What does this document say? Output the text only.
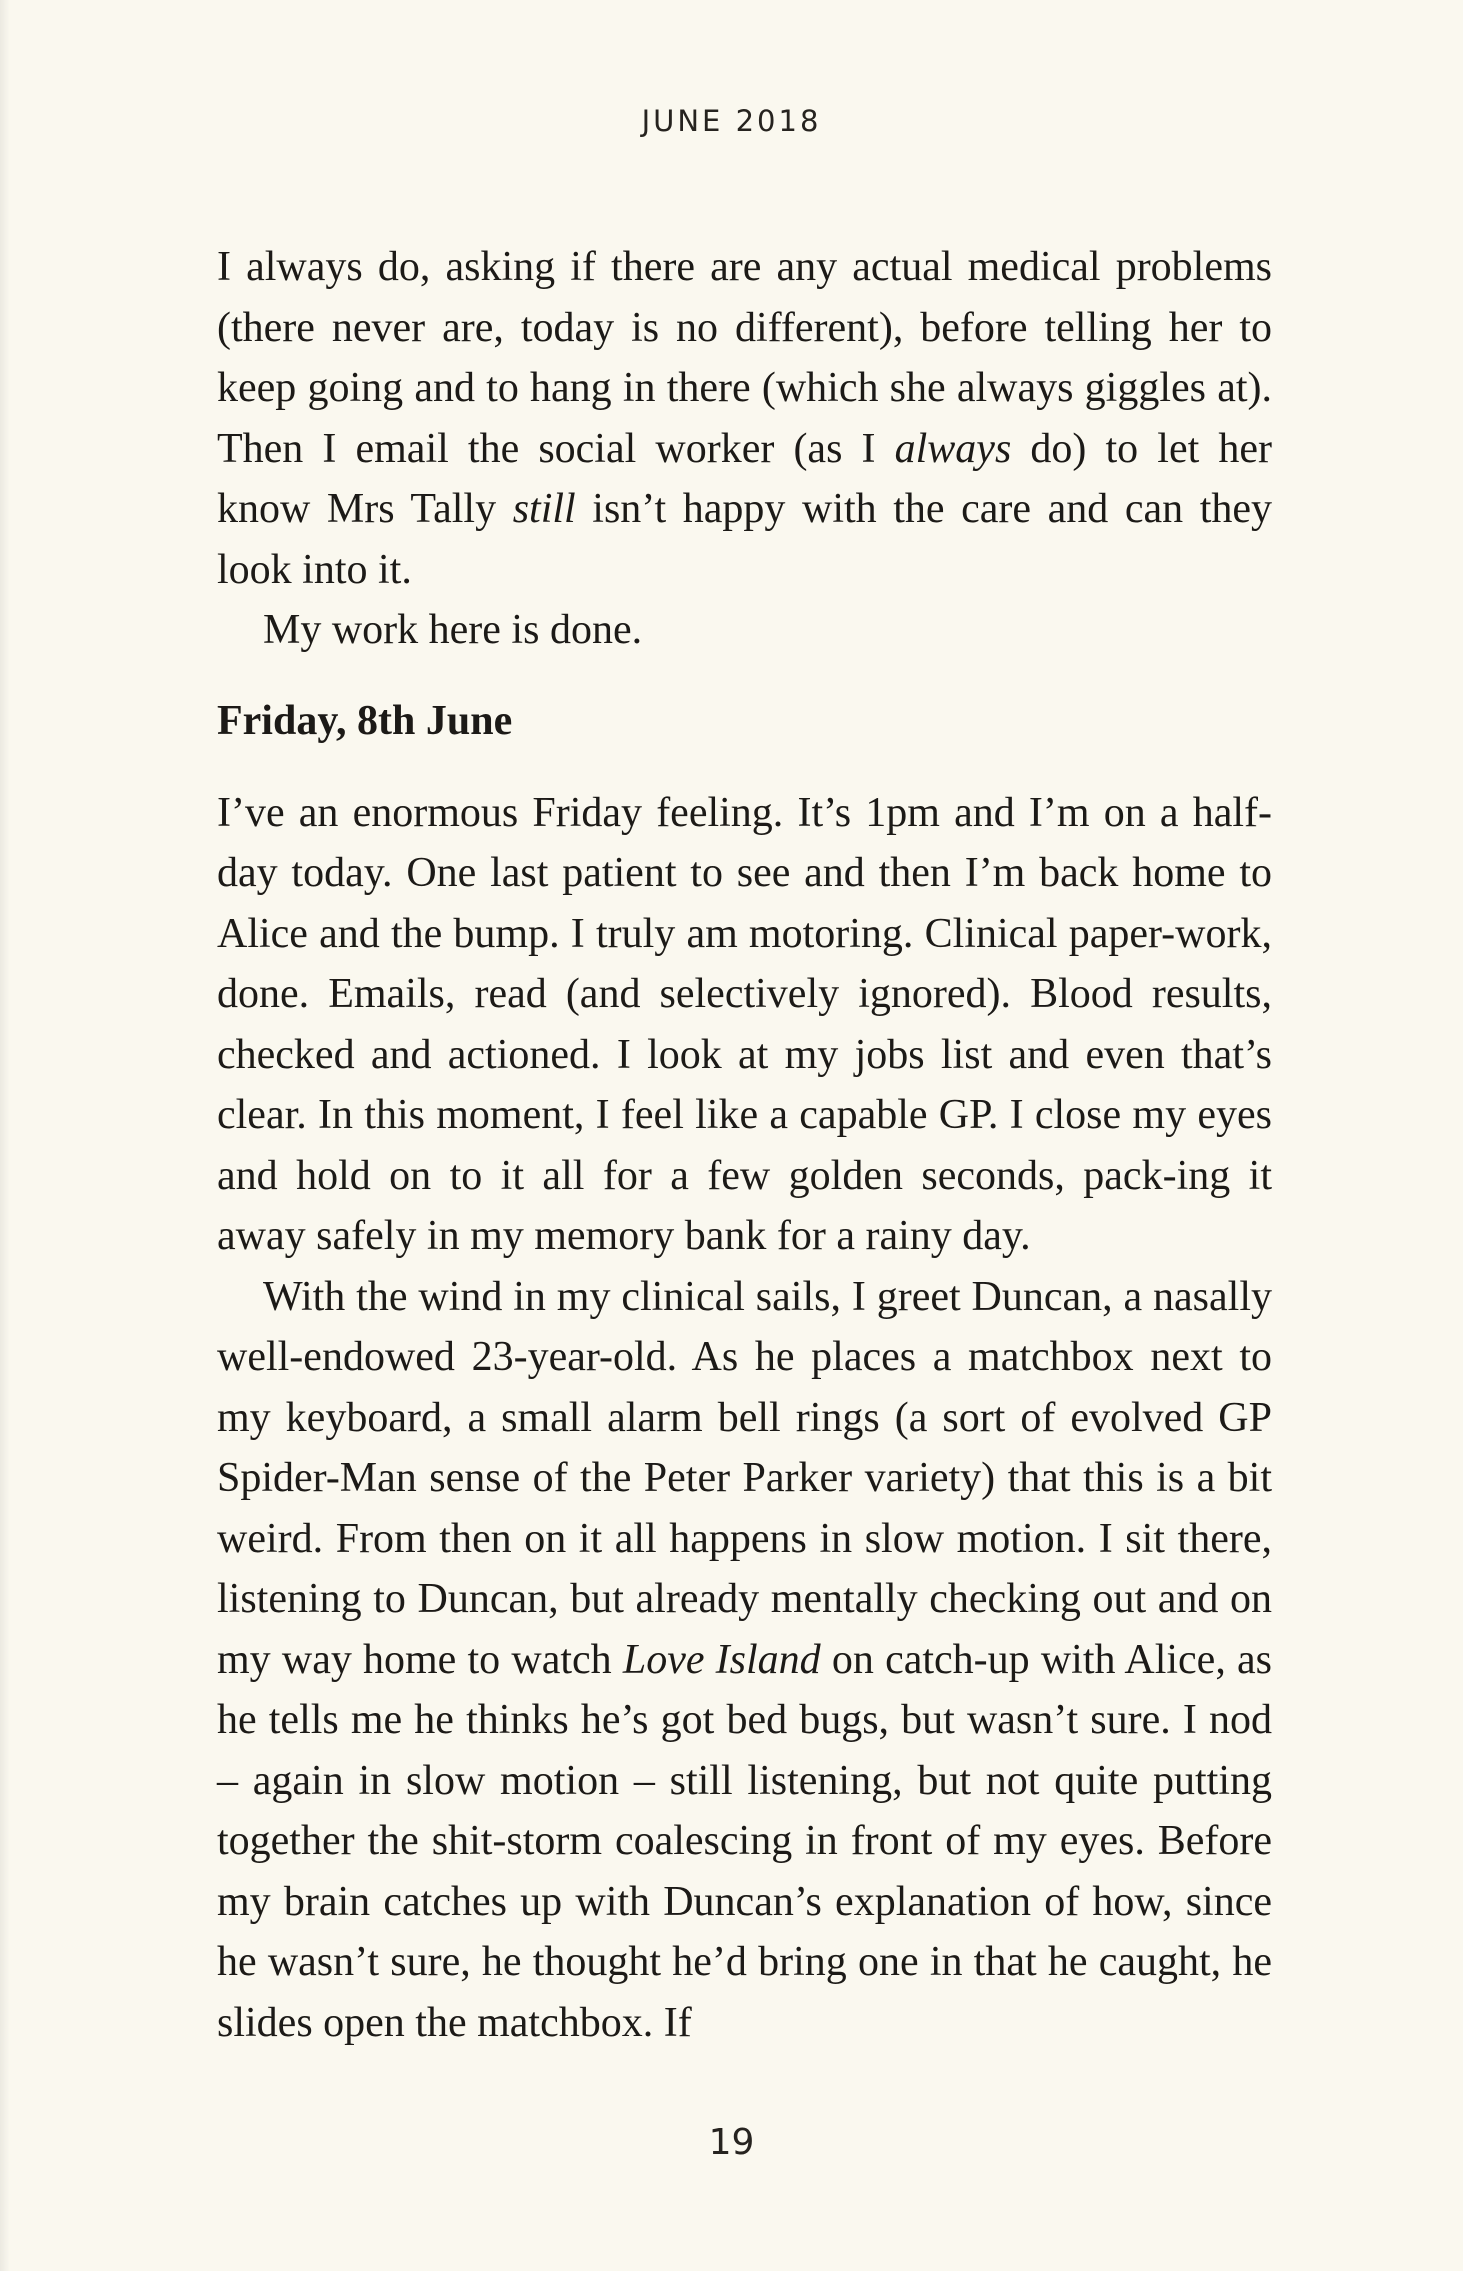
JUNE 2018

I always do, asking if there are any actual medical problems (there never are, today is no different), before telling her to keep going and to hang in there (which she always giggles at). Then I email the social worker (as I always do) to let her know Mrs Tally still isn’t happy with the care and can they look into it.

My work here is done.

Friday, 8th June

I’ve an enormous Friday feeling. It’s 1pm and I’m on a half-day today. One last patient to see and then I’m back home to Alice and the bump. I truly am motoring. Clinical paper-work, done. Emails, read (and selectively ignored). Blood results, checked and actioned. I look at my jobs list and even that’s clear. In this moment, I feel like a capable GP. I close my eyes and hold on to it all for a few golden seconds, pack-ing it away safely in my memory bank for a rainy day.

With the wind in my clinical sails, I greet Duncan, a nasally well-endowed 23-year-old. As he places a matchbox next to my keyboard, a small alarm bell rings (a sort of evolved GP Spider-Man sense of the Peter Parker variety) that this is a bit weird. From then on it all happens in slow motion. I sit there, listening to Duncan, but already mentally checking out and on my way home to watch Love Island on catch-up with Alice, as he tells me he thinks he’s got bed bugs, but wasn’t sure. I nod – again in slow motion – still listening, but not quite putting together the shit-storm coalescing in front of my eyes. Before my brain catches up with Duncan’s explanation of how, since he wasn’t sure, he thought he’d bring one in that he caught, he slides open the matchbox. If

19
